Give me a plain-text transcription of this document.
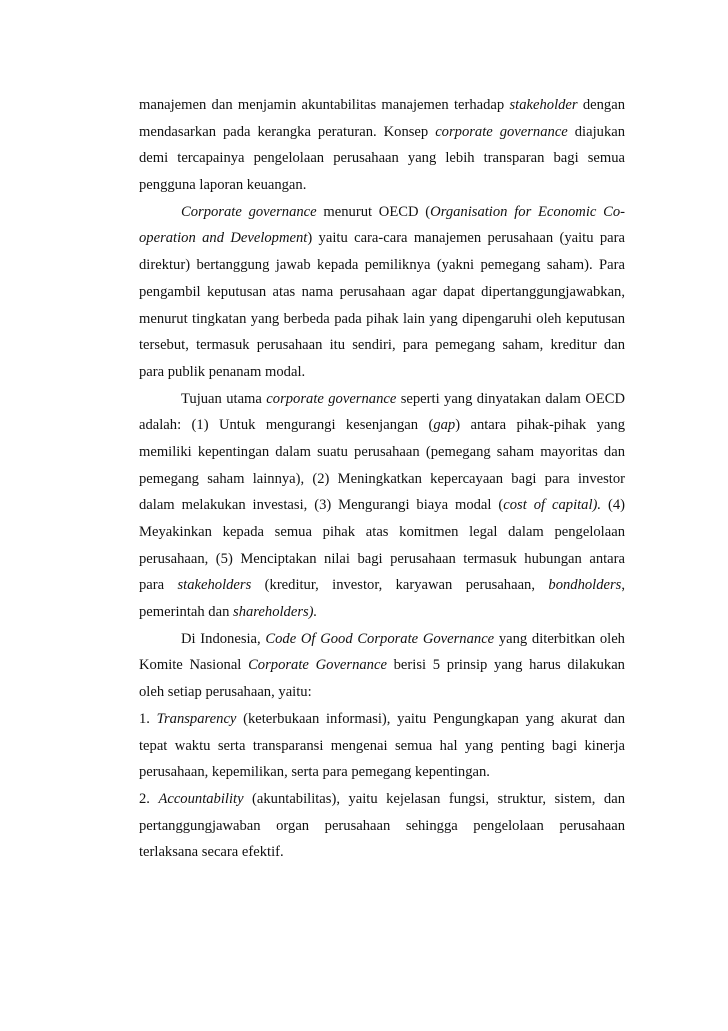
manajemen dan menjamin akuntabilitas manajemen terhadap stakeholder dengan
mendasarkan pada kerangka peraturan. Konsep corporate governance diajukan
demi tercapainya pengelolaan perusahaan yang lebih transparan bagi semua
pengguna laporan keuangan.
Corporate governance menurut OECD (Organisation for Economic Co-
operation and Development) yaitu cara-cara manajemen perusahaan (yaitu para
direktur) bertanggung jawab kepada pemiliknya (yakni pemegang saham). Para
pengambil keputusan atas nama perusahaan agar dapat dipertanggungjawabkan,
menurut tingkatan yang berbeda pada pihak lain yang dipengaruhi oleh keputusan
tersebut, termasuk perusahaan itu sendiri, para pemegang saham, kreditur dan
para publik penanam modal.
Tujuan utama corporate governance seperti yang dinyatakan dalam OECD
adalah: (1) Untuk mengurangi kesenjangan (gap) antara pihak-pihak yang
memiliki kepentingan dalam suatu perusahaan (pemegang saham mayoritas dan
pemegang saham lainnya), (2) Meningkatkan kepercayaan bagi para investor
dalam melakukan investasi, (3) Mengurangi biaya modal (cost of capital). (4)
Meyakinkan kepada semua pihak atas komitmen legal dalam pengelolaan
perusahaan, (5) Menciptakan nilai bagi perusahaan termasuk hubungan antara
para stakeholders (kreditur, investor, karyawan perusahaan, bondholders,
pemerintah dan shareholders).
Di Indonesia, Code Of Good Corporate Governance yang diterbitkan oleh
Komite Nasional Corporate Governance berisi 5 prinsip yang harus dilakukan
oleh setiap perusahaan, yaitu:
1. Transparency (keterbukaan informasi), yaitu Pengungkapan yang akurat dan
tepat waktu serta transparansi mengenai semua hal yang penting bagi kinerja
perusahaan, kepemilikan, serta para pemegang kepentingan.
2. Accountability (akuntabilitas), yaitu kejelasan fungsi, struktur, sistem, dan
pertanggungjawaban organ perusahaan sehingga pengelolaan perusahaan
terlaksana secara efektif.
